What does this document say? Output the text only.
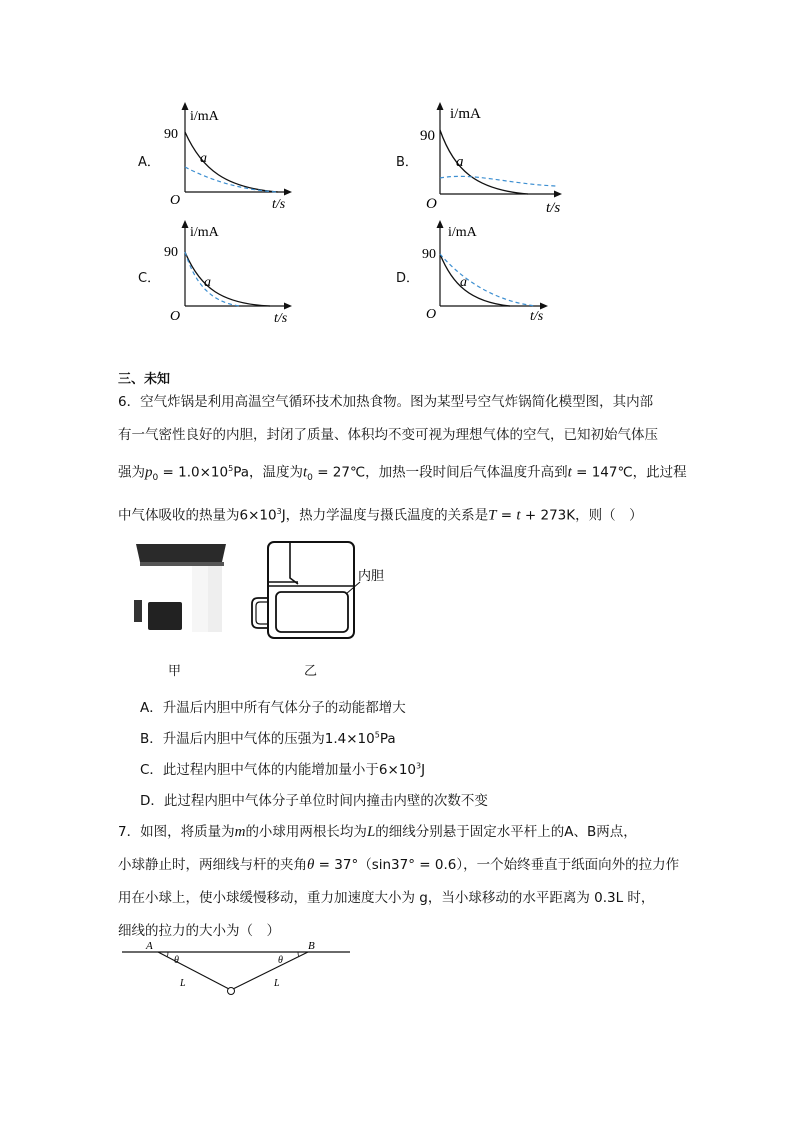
A．	B．
C．	D．
i/mA
90
a
O	t/s
i/mA
90
a
O	t/s
i/mA
90
a
O	t/s
i/mA
90
a
O	t/s
三、未知
6．空气炸锅是利用高温空气循环技术加热食物。图为某型号空气炸锅简化模型图，其内部
有一气密性良好的内胆，封闭了质量、体积均不变可视为理想气体的空气，已知初始气体压
强为$p_0 = 1.0\times 10^5Pa$，温度为$t_0$ = 27℃，加热一段时间后气体温度升高到t = 147℃，此过程
中气体吸收的热量为$6\times 10^3J$，热力学温度与摄氏温度的关系是T = t + 273K，则（　）
甲
内胆
乙
A．升温后内胆中所有气体分子的动能都增大
B．升温后内胆中气体的压强为$1.4\times 10^5Pa$
C．此过程内胆中气体的内能增加量小于$6\times 10^3J$
D．此过程内胆中气体分子单位时间内撞击内壁的次数不变
7．如图，将质量为m的小球用两根长均为L的细线分别悬于固定水平杆上的A、B两点，
小球静止时，两细线与杆的夹角θ = 37°（sin37° = 0.6），一个始终垂直于纸面向外的拉力作
用在小球上，使小球缓慢移动，重力加速度大小为 g，当小球移动的水平距离为 0.3L 时，
细线的拉力的大小为（　）
A	B
θ	θ
L	L
